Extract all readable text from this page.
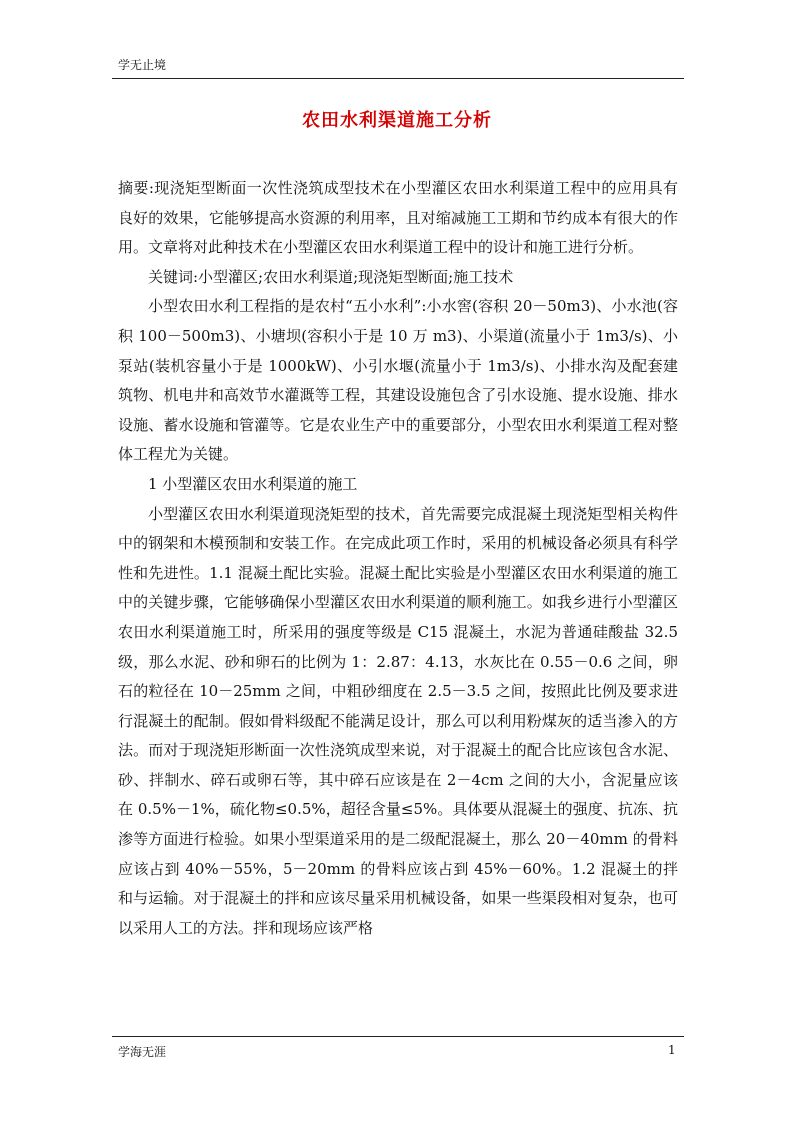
学无止境
农田水利渠道施工分析

摘要:现浇矩型断面一次性浇筑成型技术在小型灌区农田水利渠道工程中的应用具有良好的效果，它能够提高水资源的利用率，且对缩减施工工期和节约成本有很大的作用。文章将对此种技术在小型灌区农田水利渠道工程中的设计和施工进行分析。

关键词:小型灌区;农田水利渠道;现浇矩型断面;施工技术

小型农田水利工程指的是农村“五小水利”:小水窖(容积 20－50m3)、小水池(容积 100－500m3)、小塘坝(容积小于是 10 万 m3)、小渠道(流量小于 1m3/s)、小泵站(装机容量小于是 1000kW)、小引水堰(流量小于 1m3/s)、小排水沟及配套建筑物、机电井和高效节水灌溉等工程，其建设设施包含了引水设施、提水设施、排水设施、蓄水设施和管灌等。它是农业生产中的重要部分，小型农田水利渠道工程对整体工程尤为关键。

1 小型灌区农田水利渠道的施工

小型灌区农田水利渠道现浇矩型的技术，首先需要完成混凝土现浇矩型相关构件中的钢架和木模预制和安装工作。在完成此项工作时，采用的机械设备必须具有科学性和先进性。1.1 混凝土配比实验。混凝土配比实验是小型灌区农田水利渠道的施工中的关键步骤，它能够确保小型灌区农田水利渠道的顺利施工。如我乡进行小型灌区农田水利渠道施工时，所采用的强度等级是 C15 混凝土，水泥为普通硅酸盐 32.5 级，那么水泥、砂和卵石的比例为 1：2.87：4.13，水灰比在 0.55－0.6 之间，卵石的粒径在 10－25mm 之间，中粗砂细度在 2.5－3.5 之间，按照此比例及要求进行混凝土的配制。假如骨料级配不能满足设计，那么可以利用粉煤灰的适当渗入的方法。而对于现浇矩形断面一次性浇筑成型来说，对于混凝土的配合比应该包含水泥、砂、拌制水、碎石或卵石等，其中碎石应该是在 2－4cm 之间的大小，含泥量应该在 0.5%－1%，硫化物≤0.5%，超径含量≤5%。具体要从混凝土的强度、抗冻、抗渗等方面进行检验。如果小型渠道采用的是二级配混凝土，那么 20－40mm 的骨料应该占到 40%－55%，5－20mm 的骨料应该占到 45%－60%。1.2 混凝土的拌和与运输。对于混凝土的拌和应该尽量采用机械设备，如果一些渠段相对复杂，也可以采用人工的方法。拌和现场应该严格

学海无涯	1
